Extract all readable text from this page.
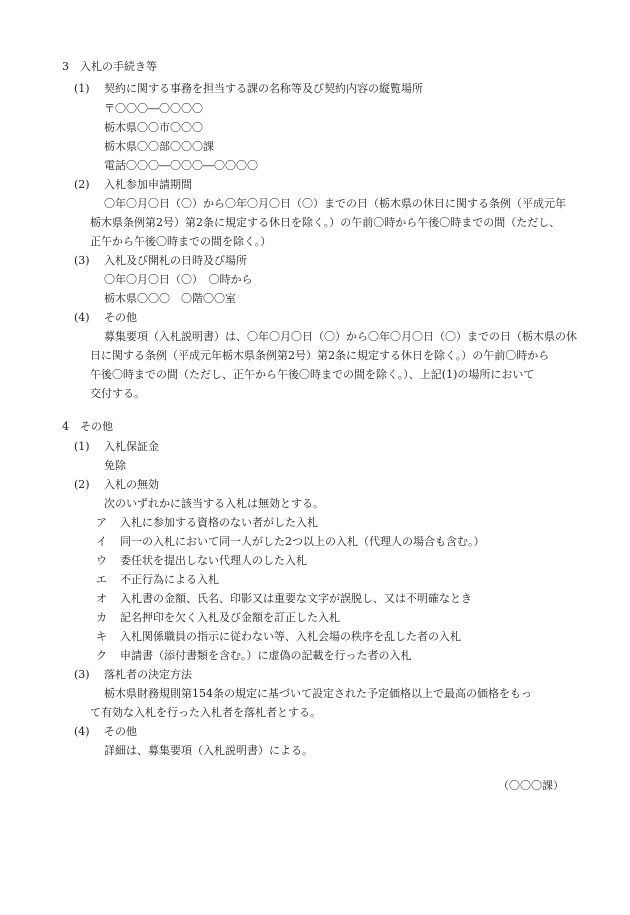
3　入札の手続き等
(1) 契約に関する事務を担当する課の名称等及び契約内容の縦覧場所
〒〇〇〇―〇〇〇〇
栃木県〇〇市〇〇〇
栃木県〇〇部〇〇〇課
電話〇〇〇―〇〇〇―〇〇〇〇
(2) 入札参加申請期間
〇年〇月〇日（〇）から〇年〇月〇日（〇）までの日（栃木県の休日に関する条例（平成元年
栃木県条例第2号）第2条に規定する休日を除く。）の午前〇時から午後〇時までの間（ただし、
正午から午後〇時までの間を除く。）
(3) 入札及び開札の日時及び場所
〇年〇月〇日（〇）　〇時から
栃木県〇〇〇　〇階〇〇室
(4) その他
募集要項（入札説明書）は、〇年〇月〇日（〇）から〇年〇月〇日（〇）までの日（栃木県の休
日に関する条例（平成元年栃木県条例第2号）第2条に規定する休日を除く。）の午前〇時から
午後〇時までの間（ただし、正午から午後〇時までの間を除く。）、上記(1)の場所において
交付する。
4　その他
(1) 入札保証金
免除
(2) 入札の無効
次のいずれかに該当する入札は無効とする。
ア 入札に参加する資格のない者がした入札
イ 同一の入札において同一人がした2つ以上の入札（代理人の場合も含む。）
ウ 委任状を提出しない代理人のした入札
エ 不正行為による入札
オ 入札書の金額、氏名、印影又は重要な文字が誤脱し、又は不明確なとき
カ 記名押印を欠く入札及び金額を訂正した入札
キ 入札関係職員の指示に従わない等、入札会場の秩序を乱した者の入札
ク 申請書（添付書類を含む。）に虚偽の記載を行った者の入札
(3) 落札者の決定方法
栃木県財務規則第154条の規定に基づいて設定された予定価格以上で最高の価格をもっ
て有効な入札を行った入札者を落札者とする。
(4) その他
詳細は、募集要項（入札説明書）による。
（〇〇〇課）
